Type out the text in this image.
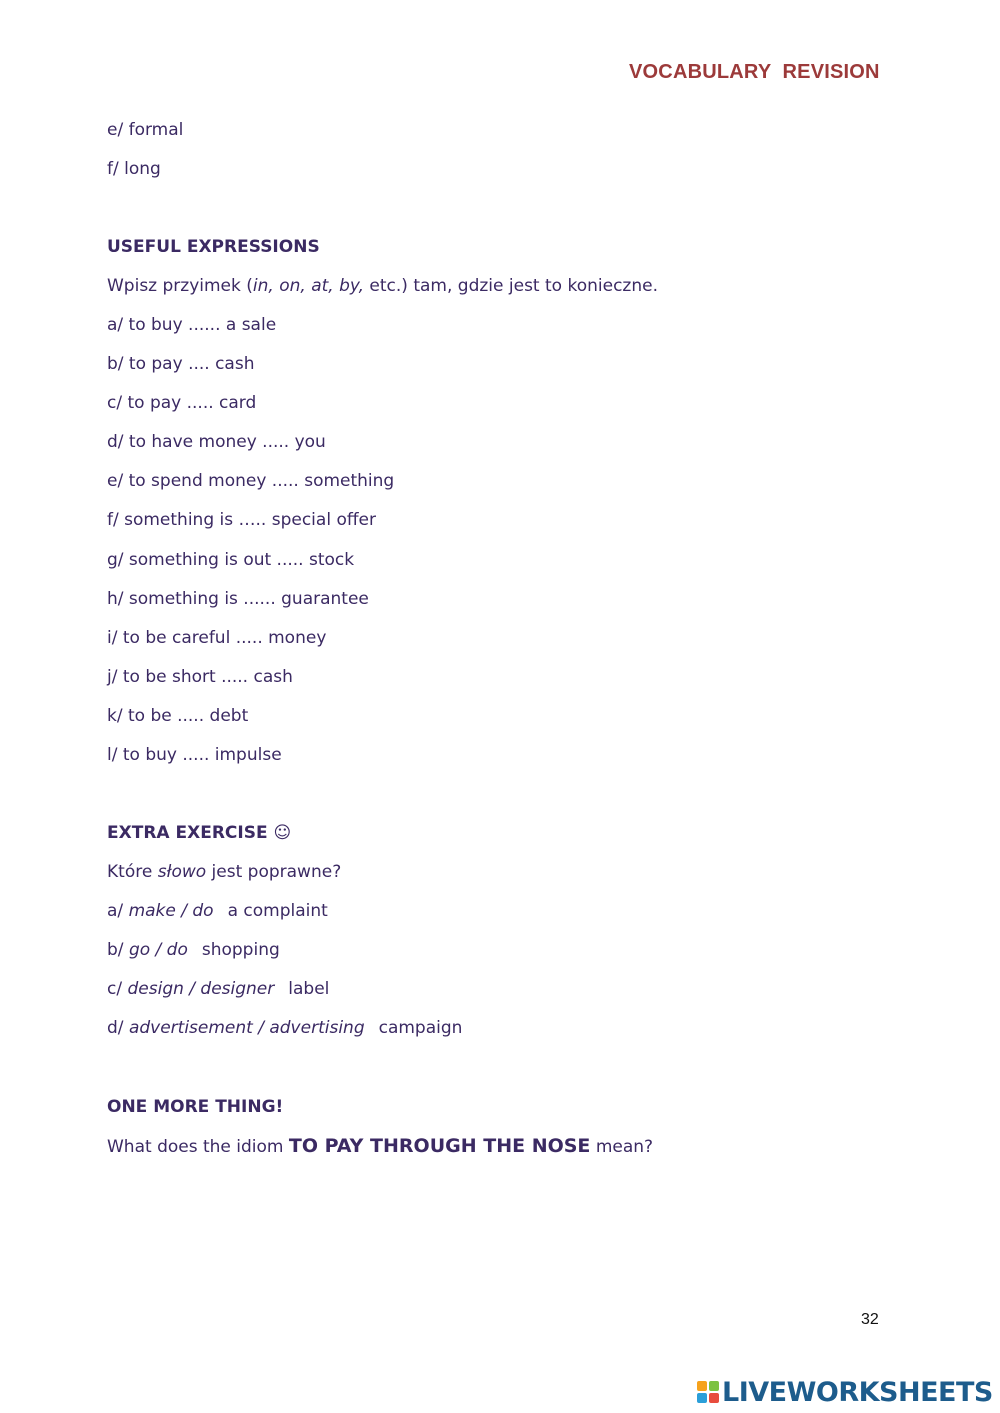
VOCABULARY  REVISION
e/ formal
f/ long
USEFUL EXPRESSIONS
Wpisz przyimek (in, on, at, by, etc.) tam, gdzie jest to konieczne.
a/ to buy ...... a sale
b/ to pay .... cash
c/ to pay ..... card
d/ to have money ..... you
e/ to spend money ..... something
f/ something is ….. special offer
g/ something is out ..... stock
h/ something is ...... guarantee
i/ to be careful ..... money
j/ to be short ..... cash
k/ to be ..... debt
l/ to buy ..... impulse
EXTRA EXERCISE ☺
Które słowo jest poprawne?
a/ make / do a complaint
b/ go / do shopping
c/ design / designer label
d/ advertisement / advertising campaign
ONE MORE THING!
What does the idiom TO PAY THROUGH THE NOSE mean?
32
LIVEWORKSHEETS
